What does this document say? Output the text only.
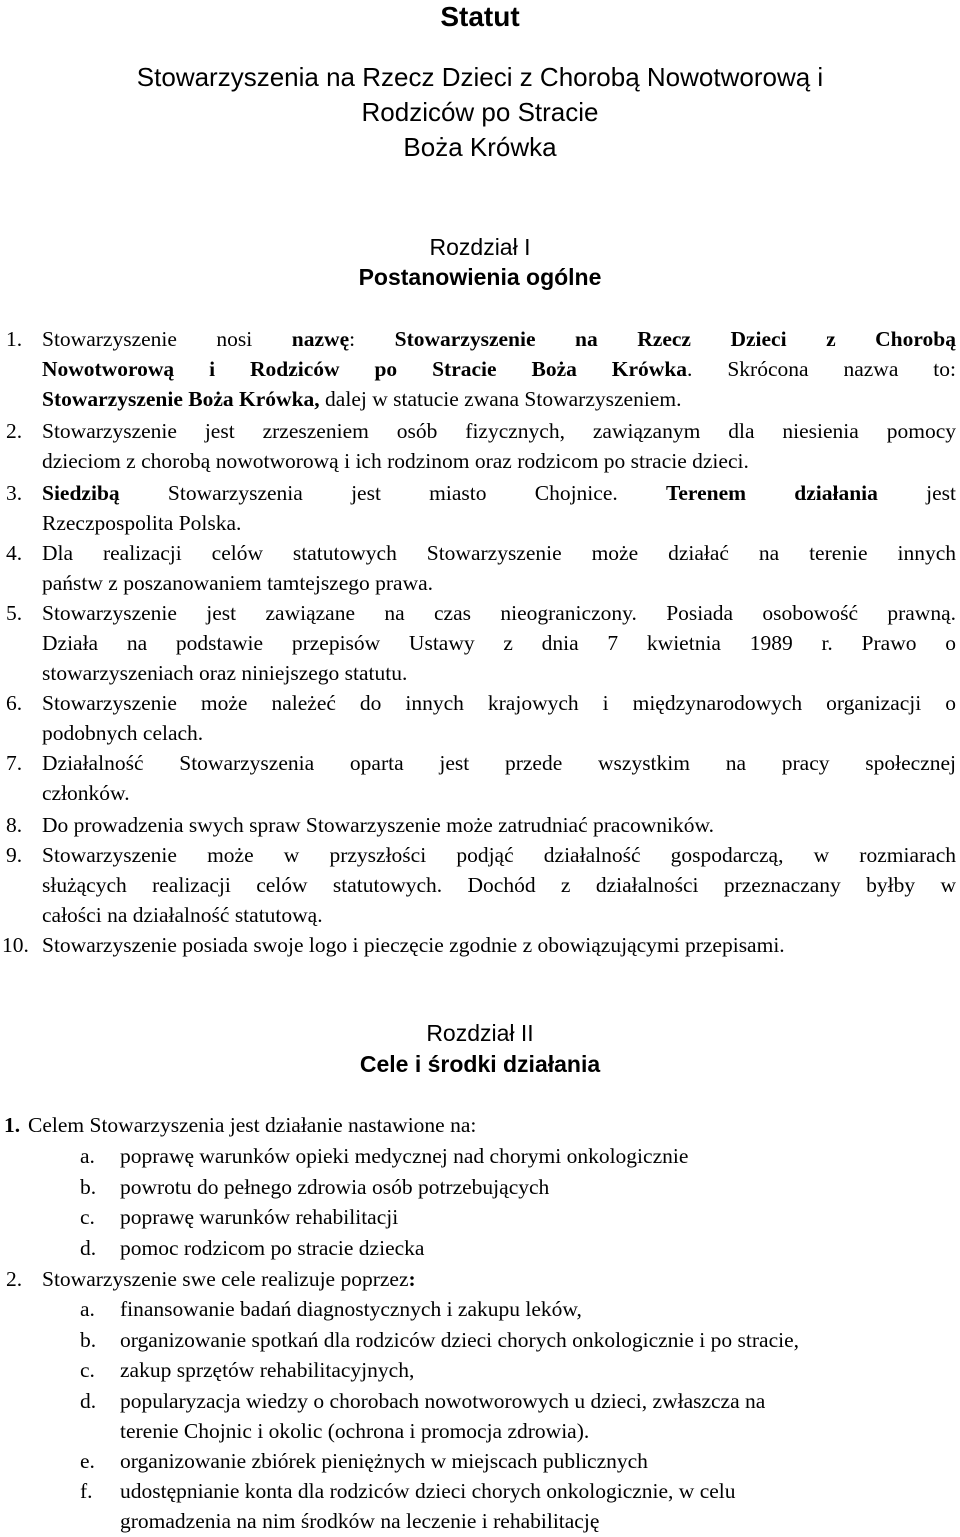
Statut
Stowarzyszenia na Rzecz Dzieci z Chorobą Nowotworową i
Rodziców po Stracie
Boża Krówka
Rozdział I
Postanowienia ogólne
1. Stowarzyszenie nosi nazwę: Stowarzyszenie na Rzecz Dzieci z Chorobą
Nowotworową i Rodziców po Stracie Boża Krówka. Skrócona nazwa to:
Stowarzyszenie Boża Krówka, dalej w statucie zwana Stowarzyszeniem.
2. Stowarzyszenie jest zrzeszeniem osób fizycznych, zawiązanym dla niesienia pomocy
dzieciom z chorobą nowotworową i ich rodzinom oraz rodzicom po stracie dzieci.
3. Siedzibą Stowarzyszenia jest miasto Chojnice. Terenem działania jest
Rzeczpospolita Polska.
4. Dla realizacji celów statutowych Stowarzyszenie może działać na terenie innych
państw z poszanowaniem tamtejszego prawa.
5. Stowarzyszenie jest zawiązane na czas nieograniczony. Posiada osobowość prawną.
Działa na podstawie przepisów Ustawy z dnia 7 kwietnia 1989 r. Prawo o
stowarzyszeniach oraz niniejszego statutu.
6. Stowarzyszenie może należeć do innych krajowych i międzynarodowych organizacji o
podobnych celach.
7. Działalność Stowarzyszenia oparta jest przede wszystkim na pracy społecznej
członków.
8. Do prowadzenia swych spraw Stowarzyszenie może zatrudniać pracowników.
9. Stowarzyszenie może w przyszłości podjąć działalność gospodarczą, w rozmiarach
służących realizacji celów statutowych. Dochód z działalności przeznaczany byłby w
całości na działalność statutową.
10. Stowarzyszenie posiada swoje logo i pieczęcie zgodnie z obowiązującymi przepisami.
Rozdział II
Cele i środki działania
1. Celem Stowarzyszenia jest działanie nastawione na:
a. poprawę warunków opieki medycznej nad chorymi onkologicznie
b. powrotu do pełnego zdrowia osób potrzebujących
c. poprawę warunków rehabilitacji
d. pomoc rodzicom po stracie dziecka
2. Stowarzyszenie swe cele realizuje poprzez:
a. finansowanie badań diagnostycznych i zakupu leków,
b. organizowanie spotkań dla rodziców dzieci chorych onkologicznie i po stracie,
c. zakup sprzętów rehabilitacyjnych,
d. popularyzacja wiedzy o chorobach nowotworowych u dzieci, zwłaszcza na
terenie Chojnic i okolic (ochrona i promocja zdrowia).
e. organizowanie zbiórek pieniężnych w miejscach publicznych
f. udostępnianie konta dla rodziców dzieci chorych onkologicznie, w celu
gromadzenia na nim środków na leczenie i rehabilitację
